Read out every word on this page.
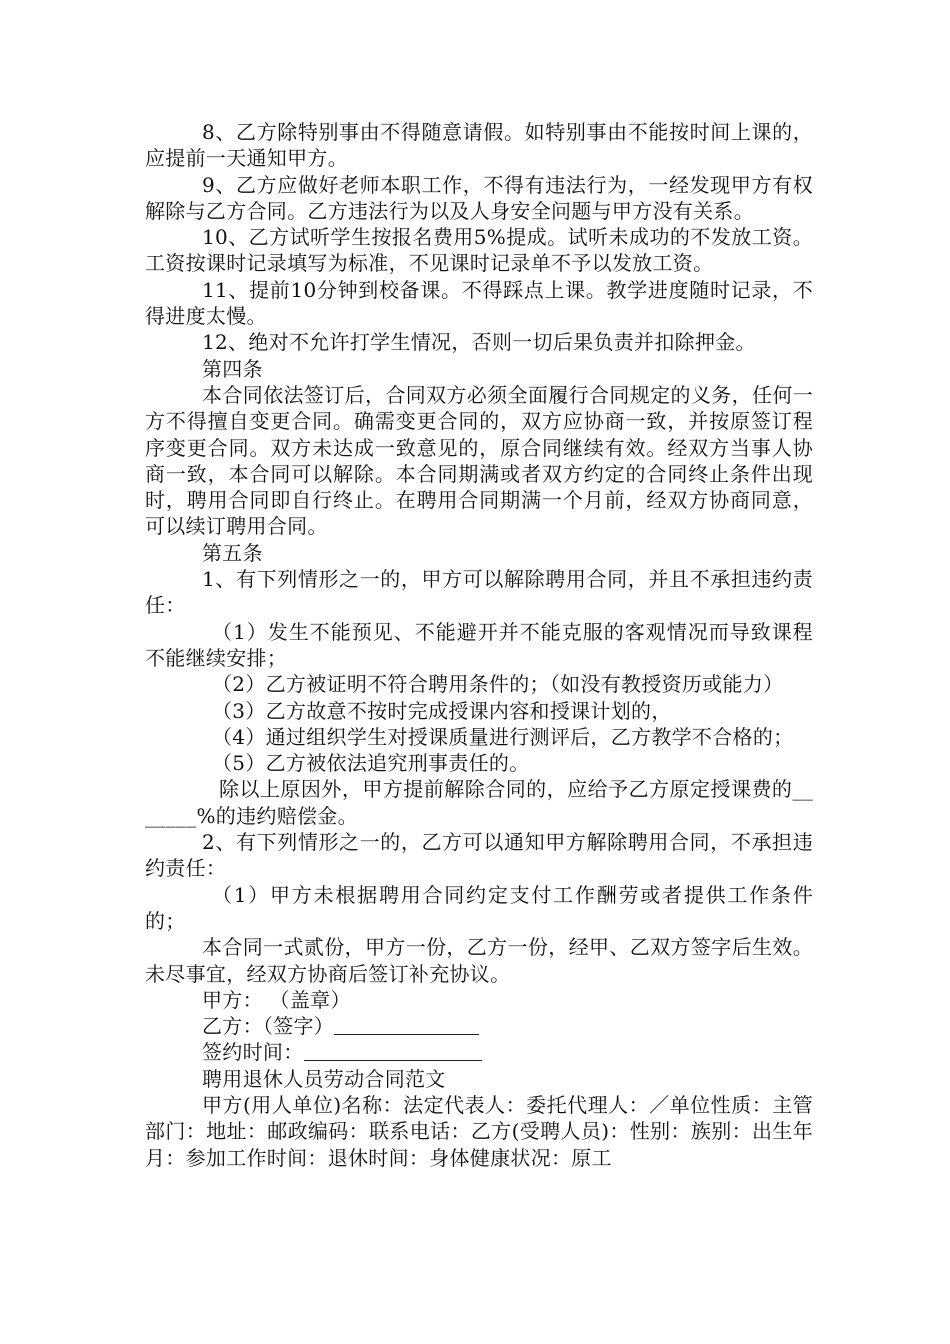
8、乙方除特别事由不得随意请假。如特别事由不能按时间上课的，应提前一天通知甲方。

9、乙方应做好老师本职工作，不得有违法行为，一经发现甲方有权解除与乙方合同。乙方违法行为以及人身安全问题与甲方没有关系。

10、乙方试听学生按报名费用5%提成。试听未成功的不发放工资。工资按课时记录填写为标准，不见课时记录单不予以发放工资。

11、提前10分钟到校备课。不得踩点上课。教学进度随时记录，不得进度太慢。

12、绝对不允许打学生情况，否则一切后果负责并扣除押金。

第四条

本合同依法签订后，合同双方必须全面履行合同规定的义务，任何一方不得擅自变更合同。确需变更合同的，双方应协商一致，并按原签订程序变更合同。双方未达成一致意见的，原合同继续有效。经双方当事人协商一致，本合同可以解除。本合同期满或者双方约定的合同终止条件出现时，聘用合同即自行终止。在聘用合同期满一个月前，经双方协商同意，可以续订聘用合同。

第五条

1、有下列情形之一的，甲方可以解除聘用合同，并且不承担违约责任：

（1）发生不能预见、不能避开并不能克服的客观情况而导致课程不能继续安排；

（2）乙方被证明不符合聘用条件的；（如没有教授资历或能力）

（3）乙方故意不按时完成授课内容和授课计划的，

（4）通过组织学生对授课质量进行测评后，乙方教学不合格的；

（5）乙方被依法追究刑事责任的。

除以上原因外，甲方提前解除合同的，应给予乙方原定授课费的_______%的违约赔偿金。

2、有下列情形之一的，乙方可以通知甲方解除聘用合同，不承担违约责任：

（1）甲方未根据聘用合同约定支付工作酬劳或者提供工作条件的；

本合同一式贰份，甲方一份，乙方一份，经甲、乙双方签字后生效。未尽事宜，经双方协商后签订补充协议。

甲方： （盖章）

乙方：（签字）

签约时间：

聘用退休人员劳动合同范文

甲方(用人单位)名称：法定代表人：委托代理人：／单位性质：主管部门：地址：邮政编码：联系电话：乙方(受聘人员)：性别：族别：出生年月：参加工作时间：退休时间：身体健康状况：原工
